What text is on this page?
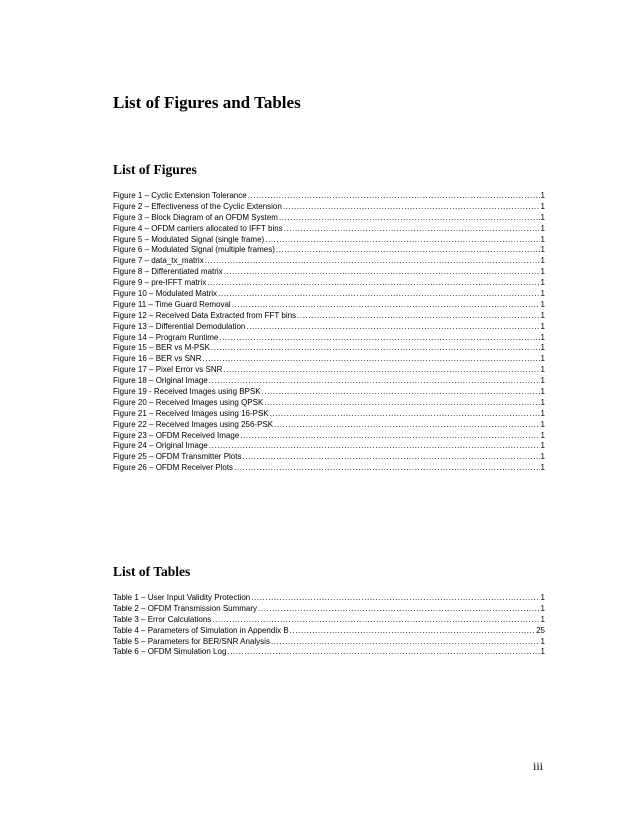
List of Figures and Tables
List of Figures
Figure 1 – Cyclic Extension Tolerance .....	1
Figure 2 – Effectiveness of the Cyclic Extension .....	1
Figure 3 – Block Diagram of an OFDM System .....	1
Figure 4 – OFDM carriers allocated to IFFT bins .....	1
Figure 5 – Modulated Signal (single frame) .....	1
Figure 6 – Modulated Signal (multiple frames) .....	1
Figure 7 – data_tx_matrix .....	1
Figure 8 – Differentiated matrix .....	1
Figure 9 – pre-IFFT matrix .....	1
Figure 10 – Modulated Matrix .....	1
Figure 11 – Time Guard Removal .....	1
Figure 12 – Received Data Extracted from FFT bins .....	1
Figure 13 – Differential Demodulation .....	1
Figure 14 – Program Runtime .....	1
Figure 15 – BER vs M-PSK .....	1
Figure 16 – BER vs SNR .....	1
Figure 17 – Pixel Error vs SNR .....	1
Figure 18 – Original Image .....	1
Figure 19 - Received Images using BPSK .....	1
Figure 20 – Received Images using QPSK .....	1
Figure 21 – Received Images using 16-PSK .....	1
Figure 22 – Received Images using 256-PSK .....	1
Figure 23 – OFDM Received Image .....	1
Figure 24 – Original Image .....	1
Figure 25 – OFDM Transmitter Plots .....	1
Figure 26 – OFDM Receiver Plots .....	1
List of Tables
Table 1 – User Input Validity Protection .....	1
Table 2 – OFDM Transmission Summary .....	1
Table 3 – Error Calculations .....	1
Table 4 – Parameters of Simulation in Appendix B .....	25
Table 5 – Parameters for BER/SNR Analysis .....	1
Table 6 – OFDM Simulation Log .....	1

iii
